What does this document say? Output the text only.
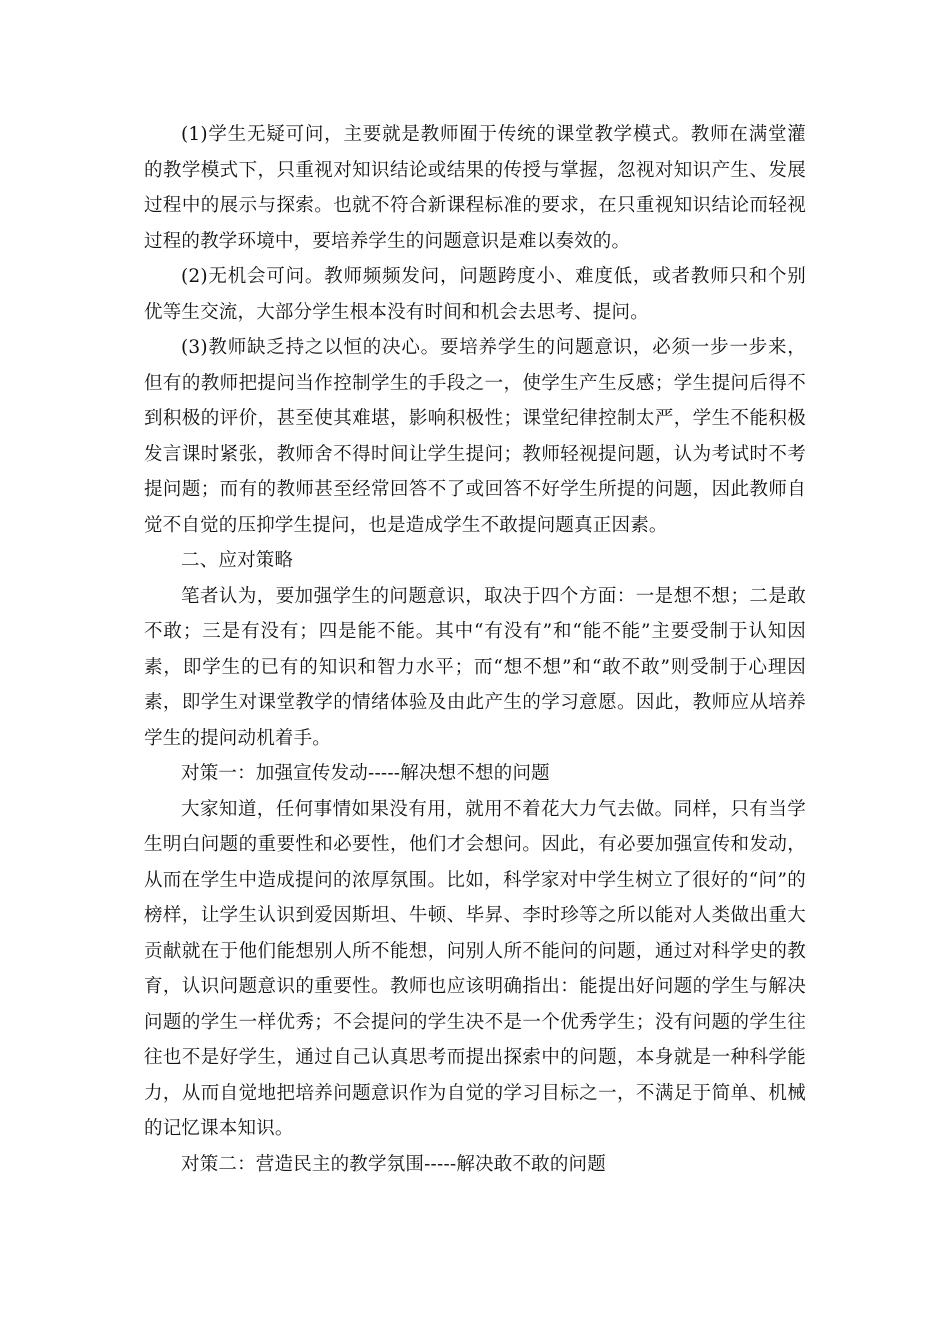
(1)学生无疑可问，主要就是教师囿于传统的课堂教学模式。教师在满堂灌的教学模式下，只重视对知识结论或结果的传授与掌握，忽视对知识产生、发展过程中的展示与探索。也就不符合新课程标准的要求，在只重视知识结论而轻视过程的教学环境中，要培养学生的问题意识是难以奏效的。

(2)无机会可问。教师频频发问，问题跨度小、难度低，或者教师只和个别优等生交流，大部分学生根本没有时间和机会去思考、提问。

(3)教师缺乏持之以恒的决心。要培养学生的问题意识，必须一步一步来，但有的教师把提问当作控制学生的手段之一，使学生产生反感；学生提问后得不到积极的评价，甚至使其难堪，影响积极性；课堂纪律控制太严，学生不能积极发言课时紧张，教师舍不得时间让学生提问；教师轻视提问题，认为考试时不考提问题；而有的教师甚至经常回答不了或回答不好学生所提的问题，因此教师自觉不自觉的压抑学生提问，也是造成学生不敢提问题真正因素。

二、应对策略

笔者认为，要加强学生的问题意识，取决于四个方面：一是想不想；二是敢不敢；三是有没有；四是能不能。其中“有没有”和“能不能”主要受制于认知因素，即学生的已有的知识和智力水平；而“想不想”和“敢不敢”则受制于心理因素，即学生对课堂教学的情绪体验及由此产生的学习意愿。因此，教师应从培养学生的提问动机着手。

对策一：加强宣传发动-----解决想不想的问题

大家知道，任何事情如果没有用，就用不着花大力气去做。同样，只有当学生明白问题的重要性和必要性，他们才会想问。因此，有必要加强宣传和发动，从而在学生中造成提问的浓厚氛围。比如，科学家对中学生树立了很好的“问”的榜样，让学生认识到爱因斯坦、牛顿、毕昇、李时珍等之所以能对人类做出重大贡献就在于他们能想别人所不能想，问别人所不能问的问题，通过对科学史的教育，认识问题意识的重要性。教师也应该明确指出：能提出好问题的学生与解决问题的学生一样优秀；不会提问的学生决不是一个优秀学生；没有问题的学生往往也不是好学生，通过自己认真思考而提出探索中的问题，本身就是一种科学能力，从而自觉地把培养问题意识作为自觉的学习目标之一，不满足于简单、机械的记忆课本知识。

对策二：营造民主的教学氛围-----解决敢不敢的问题
